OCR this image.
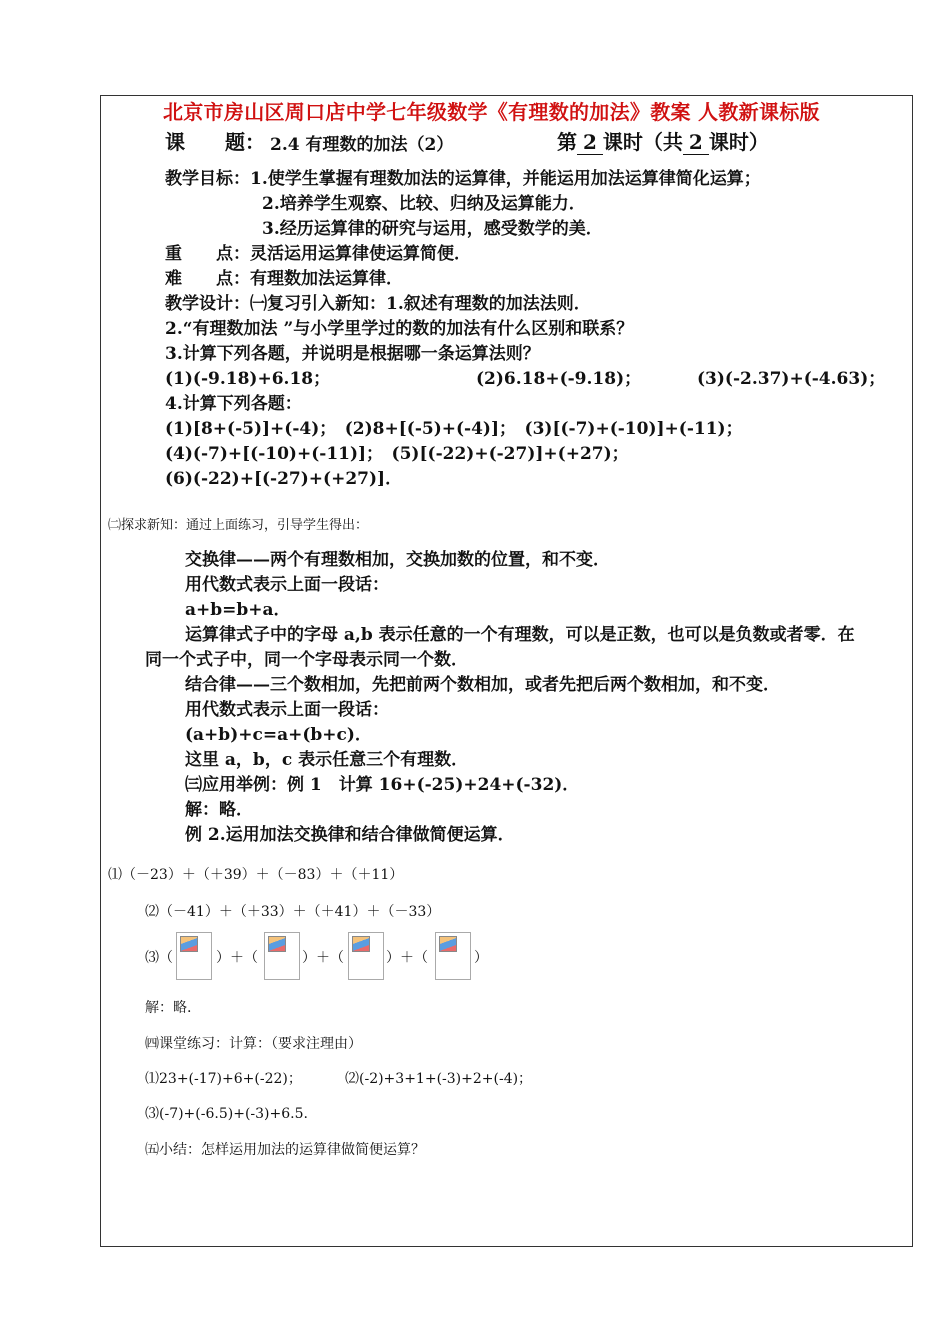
北京市房山区周口店中学七年级数学《有理数的加法》教案 人教新课标版
课　　题： 2.4 有理数的加法（2）	第 2 课时（共 2 课时）
教学目标：1.使学生掌握有理数加法的运算律，并能运用加法运算律简化运算；
2.培养学生观察、比较、归纳及运算能力．
3.经历运算律的研究与运用，感受数学的美．
重　　点：灵活运用运算律使运算简便．
难　　点：有理数加法运算律．
教学设计：㈠复习引入新知：1.叙述有理数的加法法则．
2.“有理数加法 ”与小学里学过的数的加法有什么区别和联系？
3.计算下列各题，并说明是根据哪一条运算法则？
(1)(-9.18)+6.18；	(2)6.18+(-9.18)；	(3)(-2.37)+(-4.63)；
4.计算下列各题：
(1)[8+(-5)]+(-4)；　(2)8+[(-5)+(-4)]；　(3)[(-7)+(-10)]+(-11)；
(4)(-7)+[(-10)+(-11)]；　(5)[(-22)+(-27)]+(+27)；
(6)(-22)+[(-27)+(+27)]．
㈡探求新知：通过上面练习，引导学生得出：
交换律——两个有理数相加，交换加数的位置，和不变．
用代数式表示上面一段话：
a+b=b+a．
运算律式子中的字母 a,b 表示任意的一个有理数，可以是正数，也可以是负数或者零．在
同一个式子中，同一个字母表示同一个数．
结合律——三个数相加，先把前两个数相加，或者先把后两个数相加，和不变．
用代数式表示上面一段话：
(a+b)+c=a+(b+c)．
这里 a，b，c 表示任意三个有理数．
㈢应用举例：例 1　计算 16+(-25)+24+(-32)．
解：略．
例 2.运用加法交换律和结合律做简便运算．
⑴（－23）＋（＋39）＋（－83）＋（＋11）
⑵（－41）＋（＋33）＋（＋41）＋（－33）
⑶（	）＋（	）＋（	）＋（	）
解：略.
㈣课堂练习：计算：（要求注理由）
⑴23+(-17)+6+(-22)；	⑵(-2)+3+1+(-3)+2+(-4)；
⑶(-7)+(-6.5)+(-3)+6.5.
㈤小结：怎样运用加法的运算律做简便运算？
